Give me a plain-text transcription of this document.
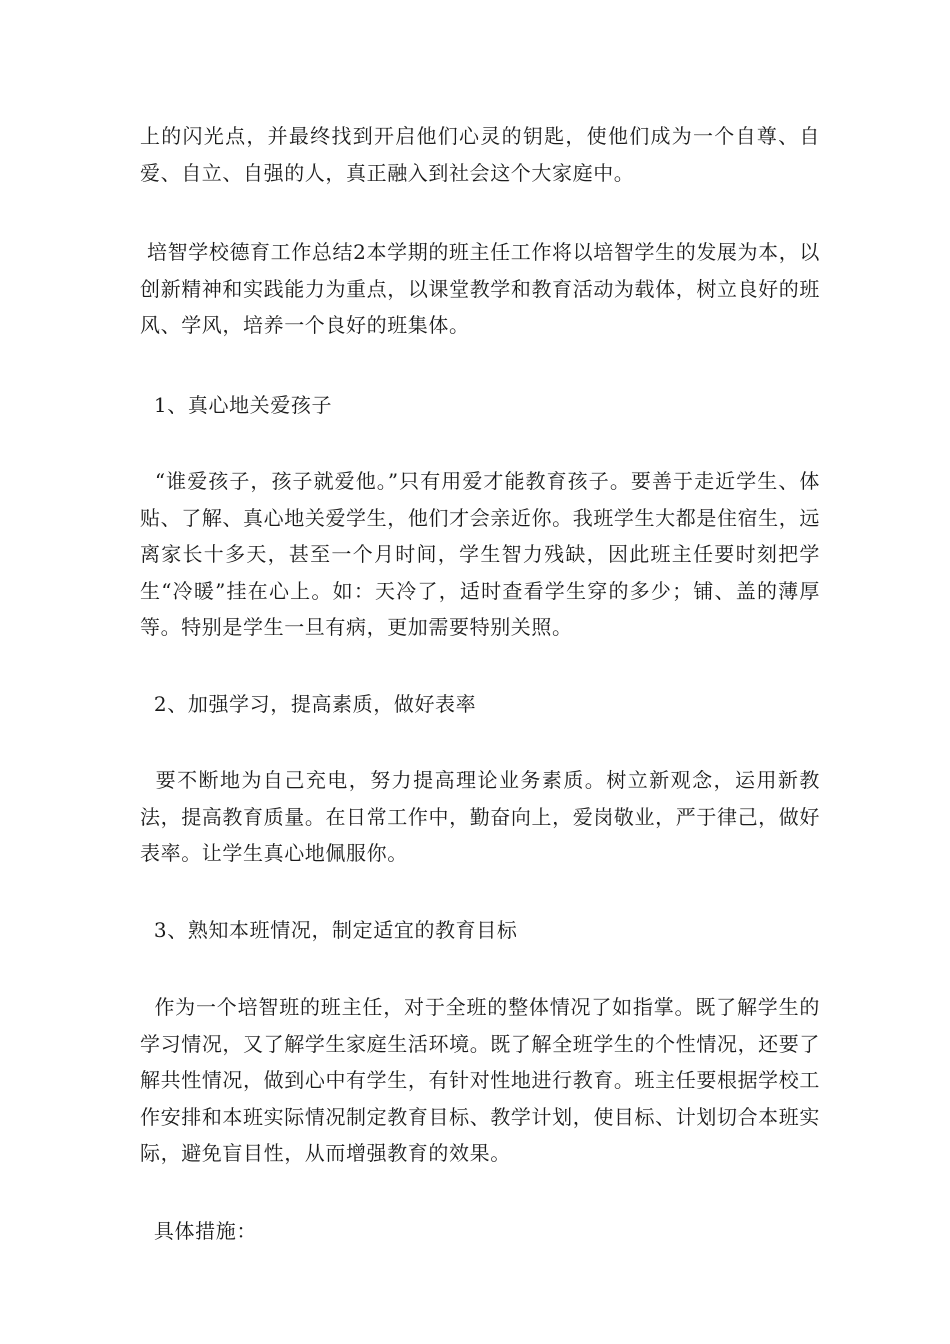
上的闪光点，并最终找到开启他们心灵的钥匙，使他们成为一个自尊、自爱、自立、自强的人，真正融入到社会这个大家庭中。

培智学校德育工作总结2本学期的班主任工作将以培智学生的发展为本，以创新精神和实践能力为重点，以课堂教学和教育活动为载体，树立良好的班风、学风，培养一个良好的班集体。

1、真心地关爱孩子

“谁爱孩子，孩子就爱他。”只有用爱才能教育孩子。要善于走近学生、体贴、了解、真心地关爱学生，他们才会亲近你。我班学生大都是住宿生，远离家长十多天，甚至一个月时间，学生智力残缺，因此班主任要时刻把学生“冷暖”挂在心上。如：天冷了，适时查看学生穿的多少；铺、盖的薄厚等。特别是学生一旦有病，更加需要特别关照。

2、加强学习，提高素质，做好表率

要不断地为自己充电，努力提高理论业务素质。树立新观念，运用新教法，提高教育质量。在日常工作中，勤奋向上，爱岗敬业，严于律己，做好表率。让学生真心地佩服你。

3、熟知本班情况，制定适宜的教育目标

作为一个培智班的班主任，对于全班的整体情况了如指掌。既了解学生的学习情况，又了解学生家庭生活环境。既了解全班学生的个性情况，还要了解共性情况，做到心中有学生，有针对性地进行教育。班主任要根据学校工作安排和本班实际情况制定教育目标、教学计划，使目标、计划切合本班实际，避免盲目性，从而增强教育的效果。

具体措施：
